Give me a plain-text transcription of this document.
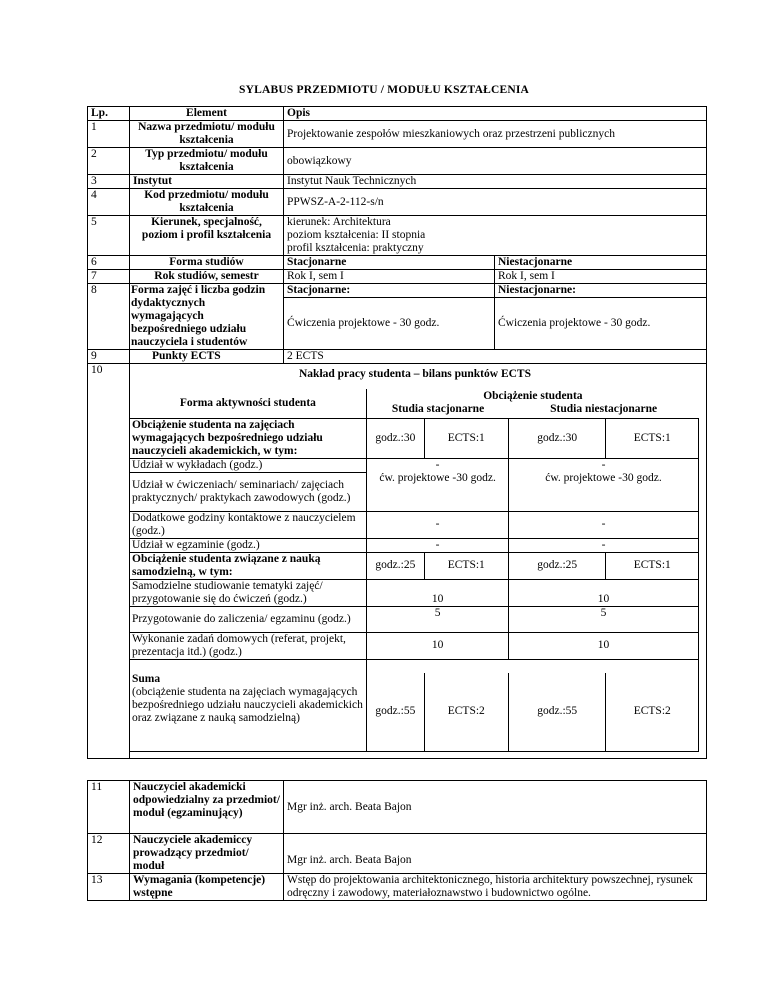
SYLABUS PRZEDMIOTU / MODUŁU KSZTAŁCENIA
Lp.	Element	Opis
1	Nazwa przedmiotu/ modułu kształcenia	Projektowanie zespołów mieszkaniowych oraz przestrzeni publicznych
2	Typ przedmiotu/ modułu kształcenia	obowiązkowy
3	Instytut	Instytut Nauk Technicznych
4	Kod przedmiotu/ modułu kształcenia	PPWSZ-A-2-112-s/n
5	Kierunek, specjalność, poziom i profil kształcenia	
kierunek: Architektura
poziom kształcenia: II stopnia
profil kształcenia: praktyczny

6	Forma studiów	Stacjonarne	Niestacjonarne
7	Rok studiów, semestr	Rok I, sem I	Rok I, sem I
8	Forma zajęć i liczba godzin dydaktycznych wymagających bezpośredniego udziału nauczyciela i studentów	Stacjonarne:	Niestacjonarne:
Ćwiczenia projektowe - 30 godz.	Ćwiczenia projektowe - 30 godz.
9	Punkty ECTS	2 ECTS
10	Nakład pracy studenta – bilans punktów ECTS
Forma aktywności studenta	
Obciążenie studenta
Studia stacjonarne	Studia niestacjonarne

Obciążenie studenta na zajęciach wymagających bezpośredniego udziału nauczycieli akademickich, w tym:	godz.:30	ECTS:1	godz.:30	ECTS:1
Udział w wykładach (godz.)	-	-
Udział w ćwiczeniach/ seminariach/ zajęciach praktycznych/ praktykach zawodowych (godz.)	ćw. projektowe -30 godz.	ćw. projektowe -30 godz.
Dodatkowe godziny kontaktowe z nauczycielem (godz.)	-	-
Udział w egzaminie (godz.)	-	-
Obciążenie studenta związane z nauką samodzielną, w tym:	godz.:25	ECTS:1	godz.:25	ECTS:1
Samodzielne studiowanie tematyki zajęć/ przygotowanie się do ćwiczeń (godz.)	10	10
Przygotowanie do zaliczenia/ egzaminu (godz.)	5	5
Wykonanie zadań domowych (referat, projekt, prezentacja itd.) (godz.)	10	10

Suma
(obciążenie studenta na zajęciach wymagających bezpośredniego udziału nauczycieli akademickich oraz związane z nauką samodzielną)
	godz.:55	ECTS:2	godz.:55	ECTS:2
11	Nauczyciel akademicki odpowiedzialny za przedmiot/ moduł (egzaminujący)	Mgr inż. arch. Beata Bajon
12	Nauczyciele akademiccy prowadzący przedmiot/ moduł	Mgr inż. arch. Beata Bajon
13	Wymagania (kompetencje) wstępne	Wstęp do projektowania architektonicznego, historia architektury powszechnej, rysunek odręczny i zawodowy, materiałoznawstwo i budownictwo ogólne.
